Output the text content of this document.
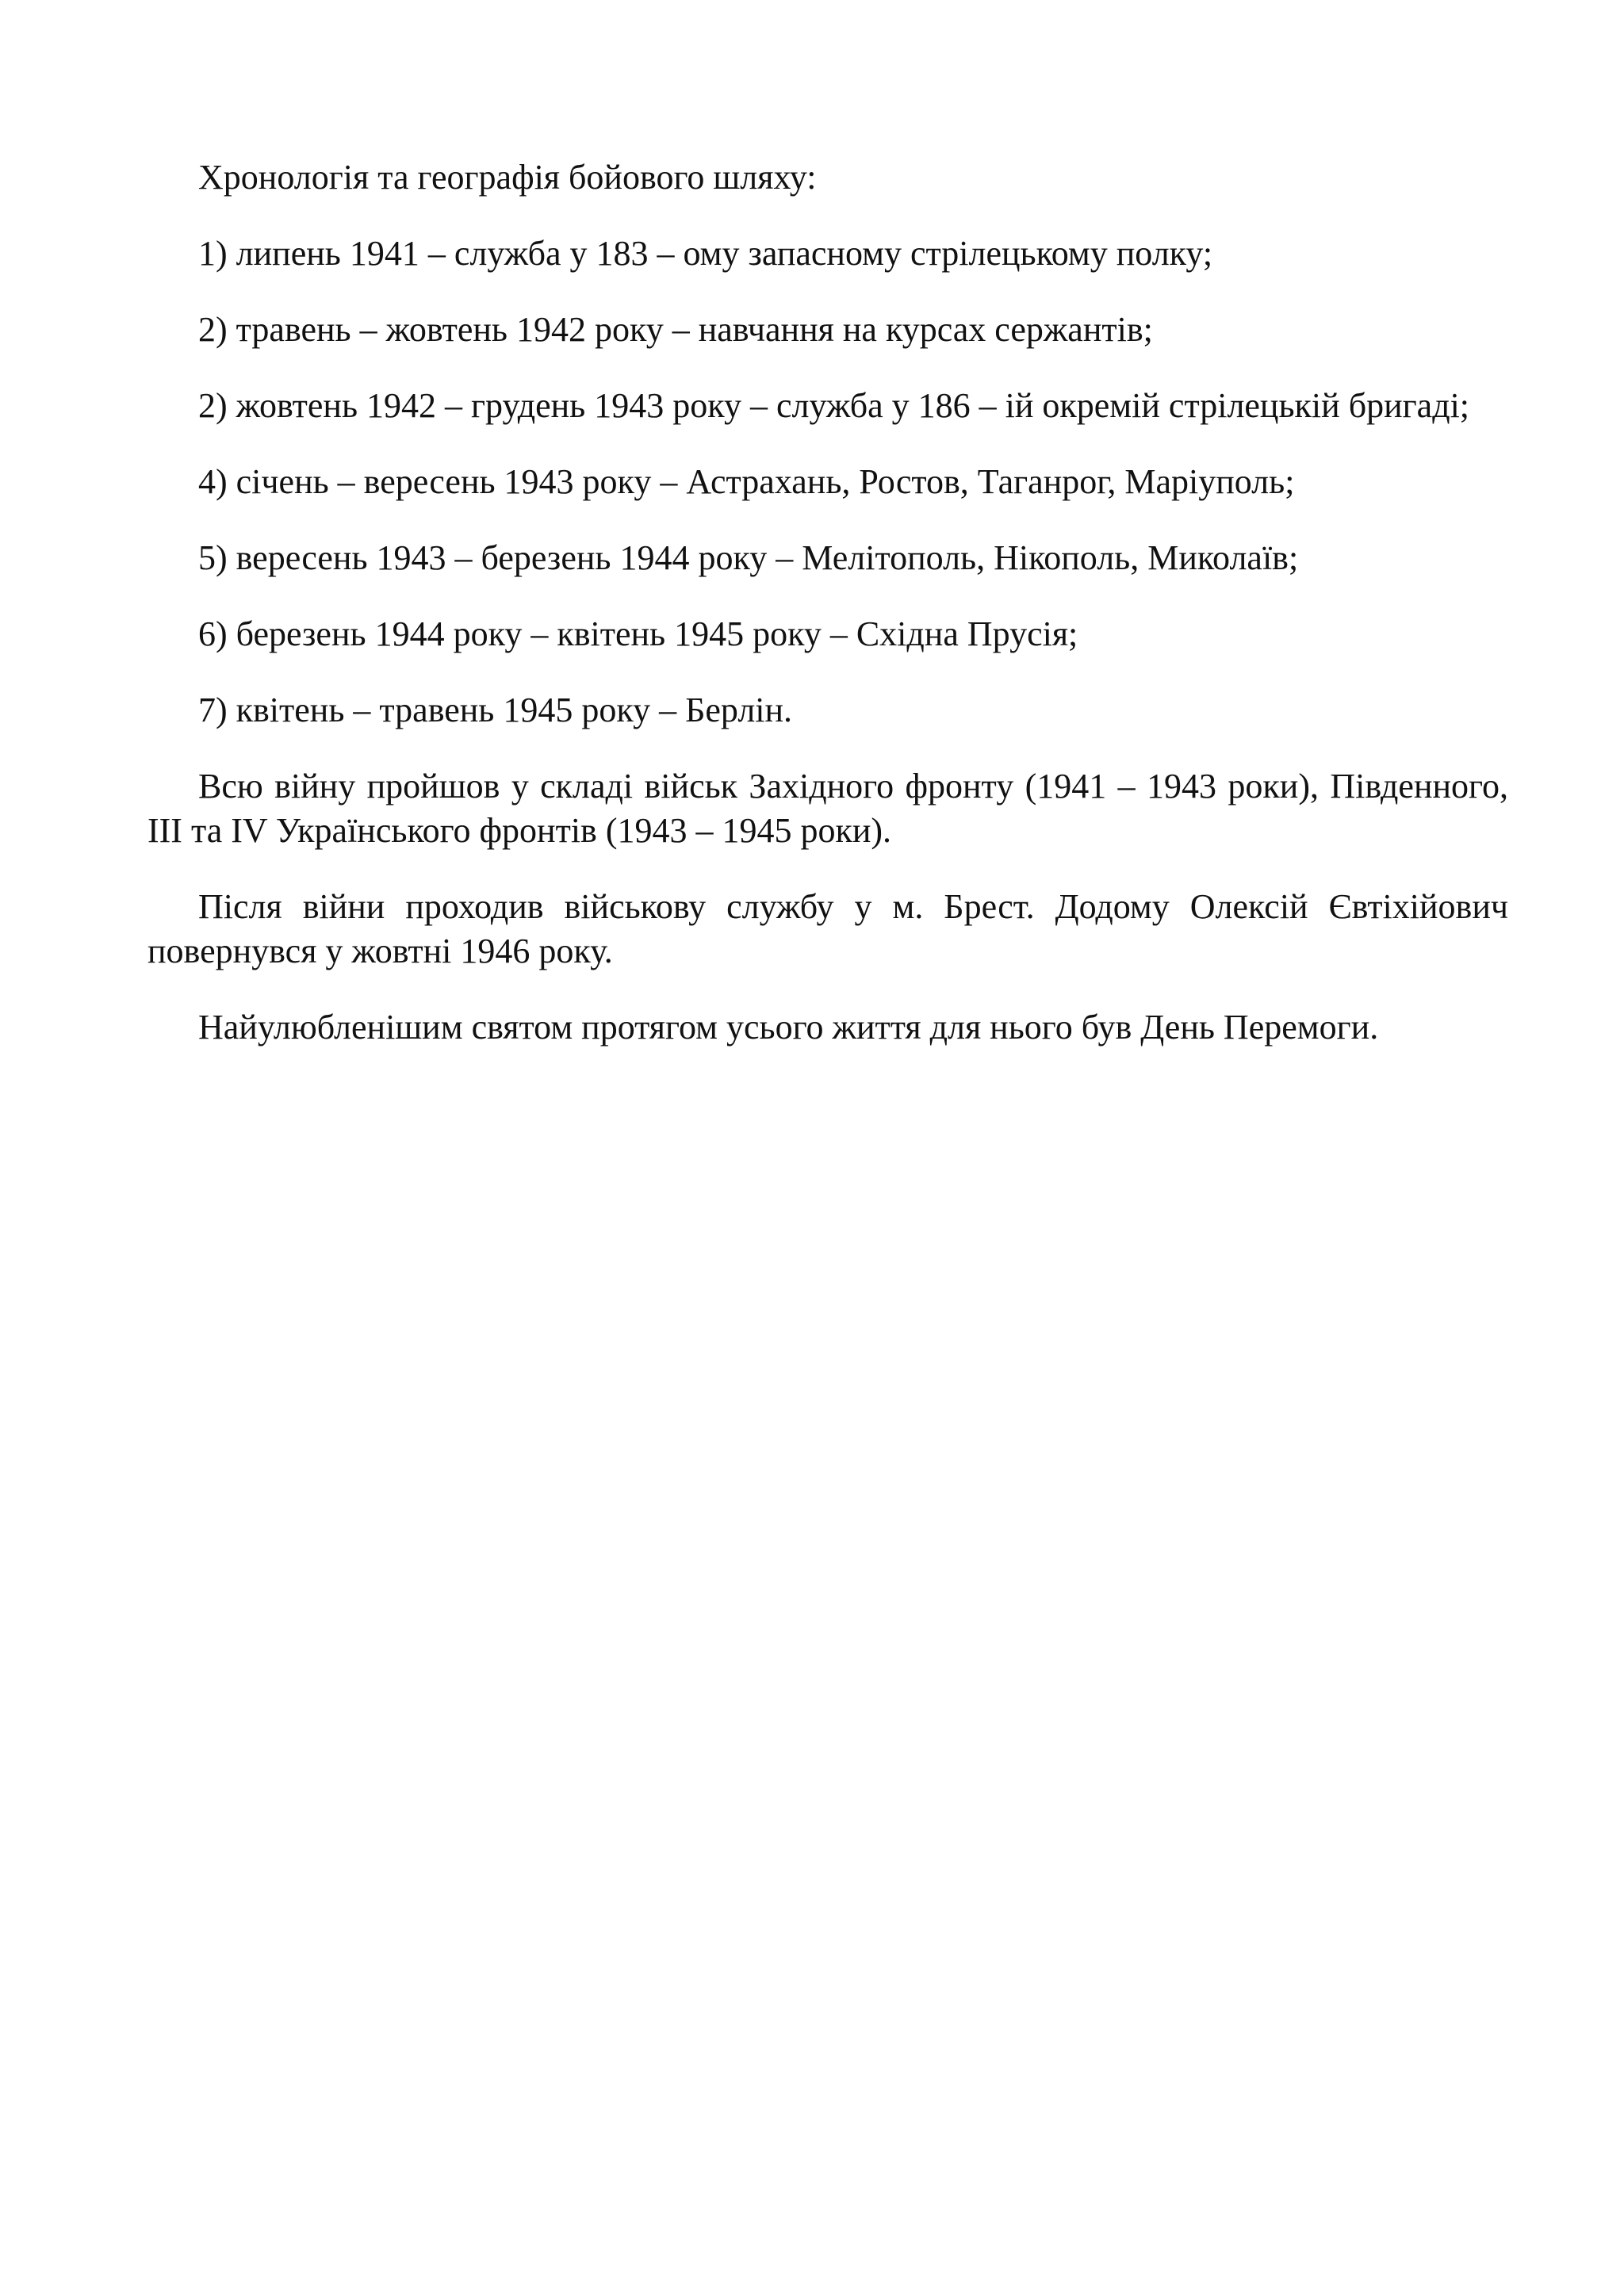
Хронологія та географія бойового шляху:

1) липень 1941 – служба у 183 – ому запасному стрілецькому полку;

2) травень – жовтень 1942 року – навчання на курсах сержантів;

2) жовтень 1942 – грудень 1943 року – служба у 186 – ій окремій стрілецькій бригаді;

4) січень – вересень 1943 року – Астрахань, Ростов, Таганрог, Маріуполь;

5) вересень 1943 – березень 1944 року – Мелітополь, Нікополь, Миколаїв;

6) березень 1944 року – квітень 1945 року – Східна Прусія;

7) квітень – травень 1945 року – Берлін.

Всю війну пройшов у складі військ Західного фронту (1941 – 1943 роки), Південного, III та IV Українського фронтів (1943 – 1945 роки).

Після війни проходив військову службу у м. Брест. Додому Олексій Євтіхійович повернувся у жовтні 1946 року.

Найулюбленішим святом протягом усього життя для нього був День Перемоги.
